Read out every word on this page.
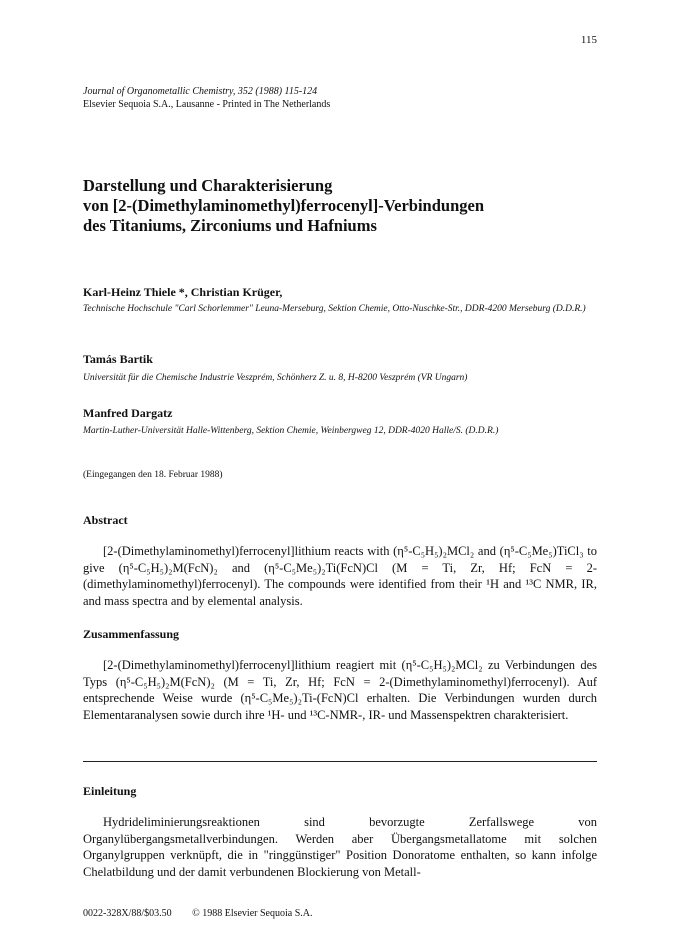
115
Journal of Organometallic Chemistry, 352 (1988) 115-124
Elsevier Sequoia S.A., Lausanne - Printed in The Netherlands
Darstellung und Charakterisierung
von [2-(Dimethylaminomethyl)ferrocenyl]-Verbindungen
des Titaniums, Zirconiums und Hafniums
Karl-Heinz Thiele *, Christian Krüger,
Technische Hochschule "Carl Schorlemmer" Leuna-Merseburg, Sektion Chemie, Otto-Nuschke-Str., DDR-4200 Merseburg (D.D.R.)
Tamás Bartik
Universität für die Chemische Industrie Veszprém, Schönherz Z. u. 8, H-8200 Veszprém (VR Ungarn)
Manfred Dargatz
Martin-Luther-Universität Halle-Wittenberg, Sektion Chemie, Weinbergweg 12, DDR-4020 Halle/S. (D.D.R.)
(Eingegangen den 18. Februar 1988)
Abstract
[2-(Dimethylaminomethyl)ferrocenyl]lithium reacts with (η⁵-C₅H₅)₂MCl₂ and (η⁵-C₅Me₅)TiCl₃ to give (η⁵-C₅H₅)₂M(FcN)₂ and (η⁵-C₅Me₅)₂Ti(FcN)Cl (M = Ti, Zr, Hf; FcN = 2-(dimethylaminomethyl)ferrocenyl). The compounds were identified from their ¹H and ¹³C NMR, IR, and mass spectra and by elemental analysis.
Zusammenfassung
[2-(Dimethylaminomethyl)ferrocenyl]lithium reagiert mit (η⁵-C₅H₅)₂MCl₂ zu Verbindungen des Typs (η⁵-C₅H₅)₂M(FcN)₂ (M = Ti, Zr, Hf; FcN = 2-(Dimethylaminomethyl)ferrocenyl). Auf entsprechende Weise wurde (η⁵-C₅Me₅)₂Ti-(FcN)Cl erhalten. Die Verbindungen wurden durch Elementaranalysen sowie durch ihre ¹H- und ¹³C-NMR-, IR- und Massenspektren charakterisiert.
Einleitung
Hydrideliminierungsreaktionen sind bevorzugte Zerfallswege von Organylübergangsmetallverbindungen. Werden aber Übergangsmetallatome mit solchen Organylgruppen verknüpft, die in "ringgünstiger" Position Donoratome enthalten, so kann infolge Chelatbildung und der damit verbundenen Blockierung von Metall-
0022-328X/88/$03.50 © 1988 Elsevier Sequoia S.A.
